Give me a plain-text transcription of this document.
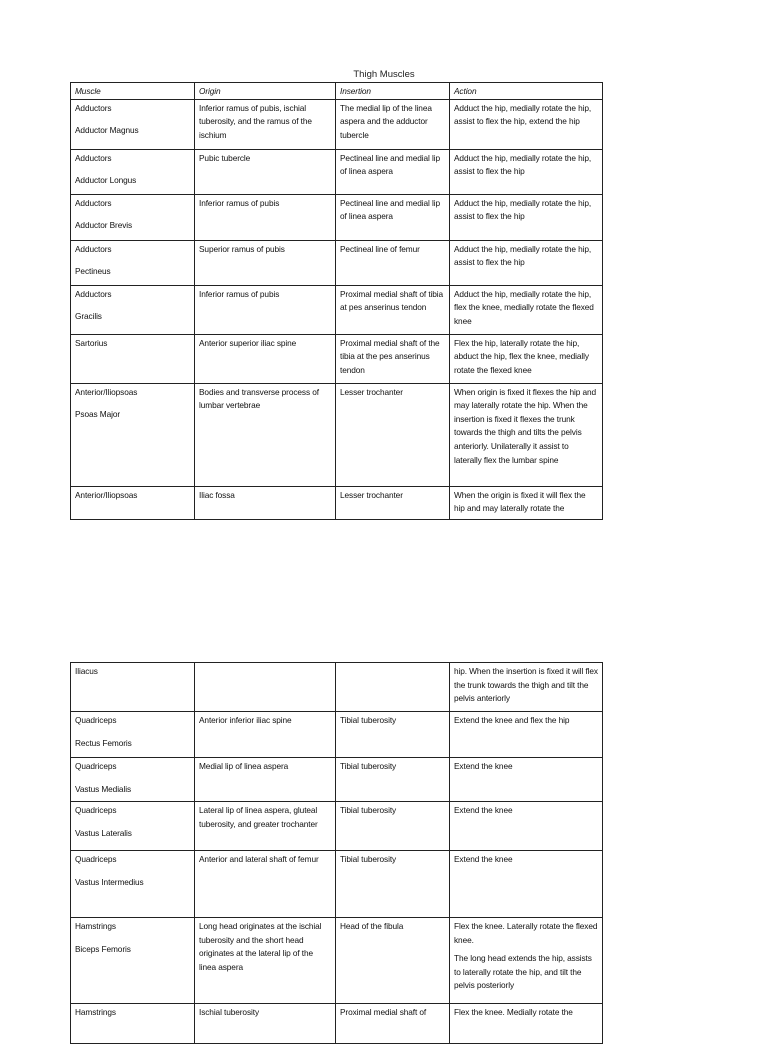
Thigh Muscles
Muscle	Origin	Insertion	Action
Adductors
Adductor Magnus	Inferior ramus of pubis, ischial tuberosity, and the ramus of the ischium	The medial lip of the linea aspera and the adductor tubercle	Adduct the hip, medially rotate the hip, assist to flex the hip, extend the hip
Adductors
Adductor Longus	Pubic tubercle	Pectineal line and medial lip of linea aspera	Adduct the hip, medially rotate the hip, assist to flex the hip
Adductors
Adductor Brevis	Inferior ramus of pubis	Pectineal line and medial lip of linea aspera	Adduct the hip, medially rotate the hip, assist to flex the hip
Adductors
Pectineus	Superior ramus of pubis	Pectineal line of femur	Adduct the hip, medially rotate the hip, assist to flex the hip
Adductors
Gracilis	Inferior ramus of pubis	Proximal medial shaft of tibia at pes anserinus tendon	Adduct the hip, medially rotate the hip, flex the knee, medially rotate the flexed knee
Sartorius	Anterior superior iliac spine	Proximal medial shaft of the tibia at the pes anserinus tendon	Flex the hip, laterally rotate the hip, abduct the hip, flex the knee, medially rotate the flexed knee
Anterior/Iliopsoas
Psoas Major	Bodies and transverse process of lumbar vertebrae	Lesser trochanter	When origin is fixed it flexes the hip and may laterally rotate the hip. When the insertion is fixed it flexes the trunk towards the thigh and tilts the pelvis anteriorly. Unilaterally it assist to laterally flex the lumbar spine
Anterior/Iliopsoas	Iliac fossa	Lesser trochanter	When the origin is fixed it will flex the hip and may laterally rotate the
Iliacus			hip. When the insertion is fixed it will flex the trunk towards the thigh and tilt the pelvis anteriorly
Quadriceps
Rectus Femoris	Anterior inferior iliac spine	Tibial tuberosity	Extend the knee and flex the hip
Quadriceps
Vastus Medialis	Medial lip of linea aspera	Tibial tuberosity	Extend the knee
Quadriceps
Vastus Lateralis	Lateral lip of linea aspera, gluteal tuberosity, and greater trochanter	Tibial tuberosity	Extend the knee
Quadriceps
Vastus Intermedius	Anterior and lateral shaft of femur	Tibial tuberosity	Extend the knee
Hamstrings
Biceps Femoris	Long head originates at the ischial tuberosity and the short head originates at the lateral lip of the linea aspera	Head of the fibula	Flex the knee. Laterally rotate the flexed knee.
The long head extends the hip, assists to laterally rotate the hip, and tilt the pelvis posteriorly

Hamstrings	Ischial tuberosity	Proximal medial shaft of	Flex the knee. Medially rotate the
